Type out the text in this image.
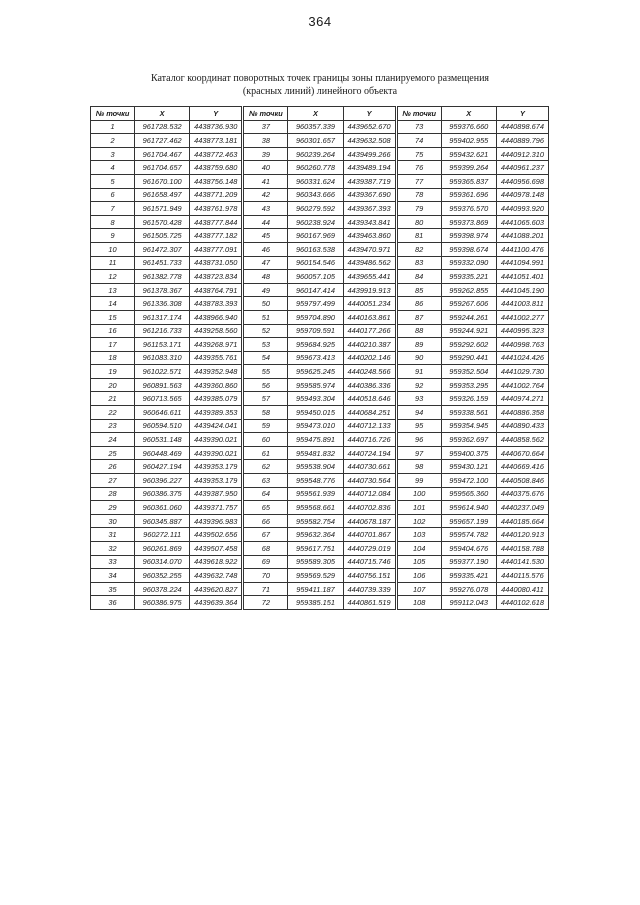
364
Каталог координат поворотных точек границы зоны планируемого размещения
(красных линий) линейного объекта
№ точки	X	Y		№ точки	X	Y		№ точки	X	Y
1	961728.532	4438736.930		37	960357.339	4439652.670		73	959376.660	4440898.674
2	961727.462	4438773.181		38	960301.657	4439632.508		74	959402.955	4440889.796
3	961704.467	4438772.463		39	960239.264	4439499.266		75	959432.621	4440912.310
4	961704.657	4438759.680		40	960260.778	4439489.194		76	959399.264	4440961.237
5	961670.100	4438756.148		41	960331.624	4439387.719		77	959365.837	4440956.698
6	961658.497	4438771.209		42	960343.666	4439367.690		78	959361.696	4440978.148
7	961571.949	4438761.978		43	960279.592	4439367.393		79	959376.570	4440993.920
8	961570.428	4438777.844		44	960238.924	4439343.841		80	959373.869	4441065.603
9	961505.725	4438777.182		45	960167.969	4439463.860		81	959398.974	4441088.201
10	961472.307	4438777.091		46	960163.538	4439470.971		82	959398.674	4441100.476
11	961451.733	4438731.050		47	960154.546	4439486.562		83	959332.090	4441094.991
12	961382.778	4438723.834		48	960057.105	4439655.441		84	959335.221	4441051.401
13	961378.367	4438764.791		49	960147.414	4439919.913		85	959262.855	4441045.190
14	961336.308	4438783.393		50	959797.499	4440051.234		86	959267.606	4441003.811
15	961317.174	4438966.940		51	959704.890	4440163.861		87	959244.261	4441002.277
16	961216.733	4439258.560		52	959709.591	4440177.266		88	959244.921	4440995.323
17	961153.171	4439268.971		53	959684.925	4440210.387		89	959292.602	4440998.763
18	961083.310	4439355.761		54	959673.413	4440202.146		90	959290.441	4441024.426
19	961022.571	4439352.948		55	959625.245	4440248.566		91	959352.504	4441029.730
20	960891.563	4439360.860		56	959585.974	4440386.336		92	959353.295	4441002.764
21	960713.565	4439385.079		57	959493.304	4440518.646		93	959326.159	4440974.271
22	960646.611	4439389.353		58	959450.015	4440684.251		94	959338.561	4440886.358
23	960594.510	4439424.041		59	959473.010	4440712.133		95	959354.945	4440890.433
24	960531.148	4439390.021		60	959475.891	4440716.726		96	959362.697	4440858.562
25	960448.469	4439390.021		61	959481.832	4440724.194		97	959400.375	4440670.664
26	960427.194	4439353.179		62	959538.904	4440730.661		98	959430.121	4440669.416
27	960396.227	4439353.179		63	959548.776	4440730.564		99	959472.100	4440508.846
28	960386.375	4439387.950		64	959561.939	4440712.084		100	959565.360	4440375.676
29	960361.060	4439371.757		65	959568.661	4440702.836		101	959614.940	4440237.049
30	960345.887	4439396.983		66	959582.754	4440678.187		102	959657.199	4440185.664
31	960272.111	4439502.656		67	959632.364	4440701.867		103	959574.782	4440120.913
32	960261.869	4439507.458		68	959617.751	4440729.019		104	959404.676	4440158.788
33	960314.070	4439618.922		69	959589.305	4440715.746		105	959377.190	4440141.530
34	960352.255	4439632.748		70	959569.529	4440756.151		106	959335.421	4440115.576
35	960378.224	4439620.827		71	959411.187	4440739.339		107	959276.078	4440080.411
36	960386.975	4439639.364		72	959385.151	4440861.519		108	959112.043	4440102.618
